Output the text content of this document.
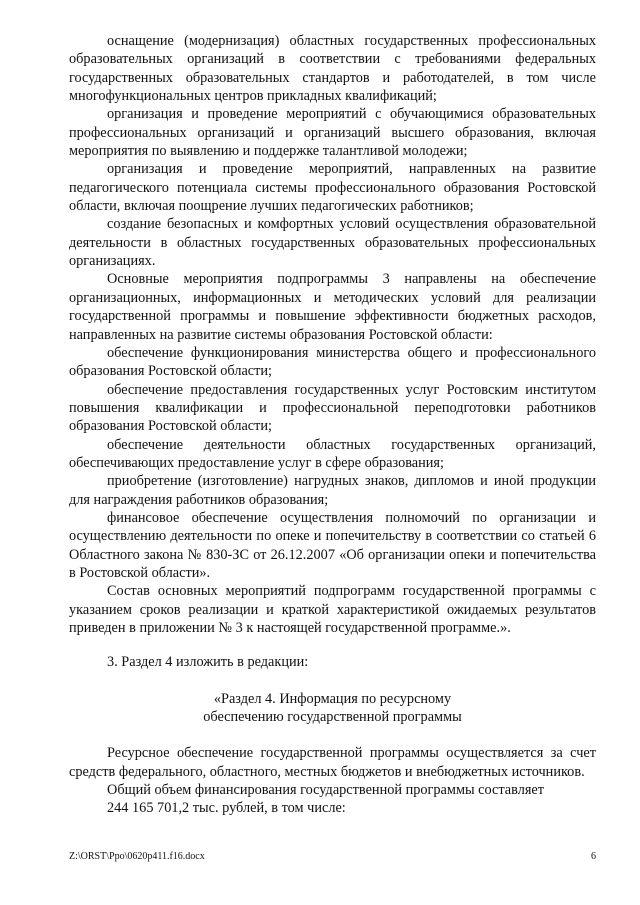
оснащение (модернизация) областных государственных профессиональных образовательных организаций в соответствии с требованиями федеральных государственных образовательных стандартов и работодателей, в том числе многофункциональных центров прикладных квалификаций;

организация и проведение мероприятий с обучающимися образовательных профессиональных организаций и организаций высшего образования, включая мероприятия по выявлению и поддержке талантливой молодежи;

организация и проведение мероприятий, направленных на развитие педагогического потенциала системы профессионального образования Ростовской области, включая поощрение лучших педагогических работников;

создание безопасных и комфортных условий осуществления образовательной деятельности в областных государственных образовательных профессиональных организациях.

Основные мероприятия подпрограммы 3 направлены на обеспечение организационных, информационных и методических условий для реализации государственной программы и повышение эффективности бюджетных расходов, направленных на развитие системы образования Ростовской области:

обеспечение функционирования министерства общего и профессионального образования Ростовской области;

обеспечение предоставления государственных услуг Ростовским институтом повышения квалификации и профессиональной переподготовки работников образования Ростовской области;

обеспечение деятельности областных государственных организаций, обеспечивающих предоставление услуг в сфере образования;

приобретение (изготовление) нагрудных знаков, дипломов и иной продукции для награждения работников образования;

финансовое обеспечение осуществления полномочий по организации и осуществлению деятельности по опеке и попечительству в соответствии со статьей 6 Областного закона № 830-ЗС от 26.12.2007 «Об организации опеки и попечительства в Ростовской области».

Состав основных мероприятий подпрограмм государственной программы с указанием сроков реализации и краткой характеристикой ожидаемых результатов приведен в приложении № 3 к настоящей государственной программе.».

3. Раздел 4 изложить в редакции:

«Раздел 4. Информация по ресурсному
обеспечению государственной программы

Ресурсное обеспечение государственной программы осуществляется за счет средств федерального, областного, местных бюджетов и внебюджетных источников.

Общий объем финансирования государственной программы составляет

244 165 701,2 тыс. рублей, в том числе:

Z:\ORST\Ppo\0620p411.f16.docx	6
